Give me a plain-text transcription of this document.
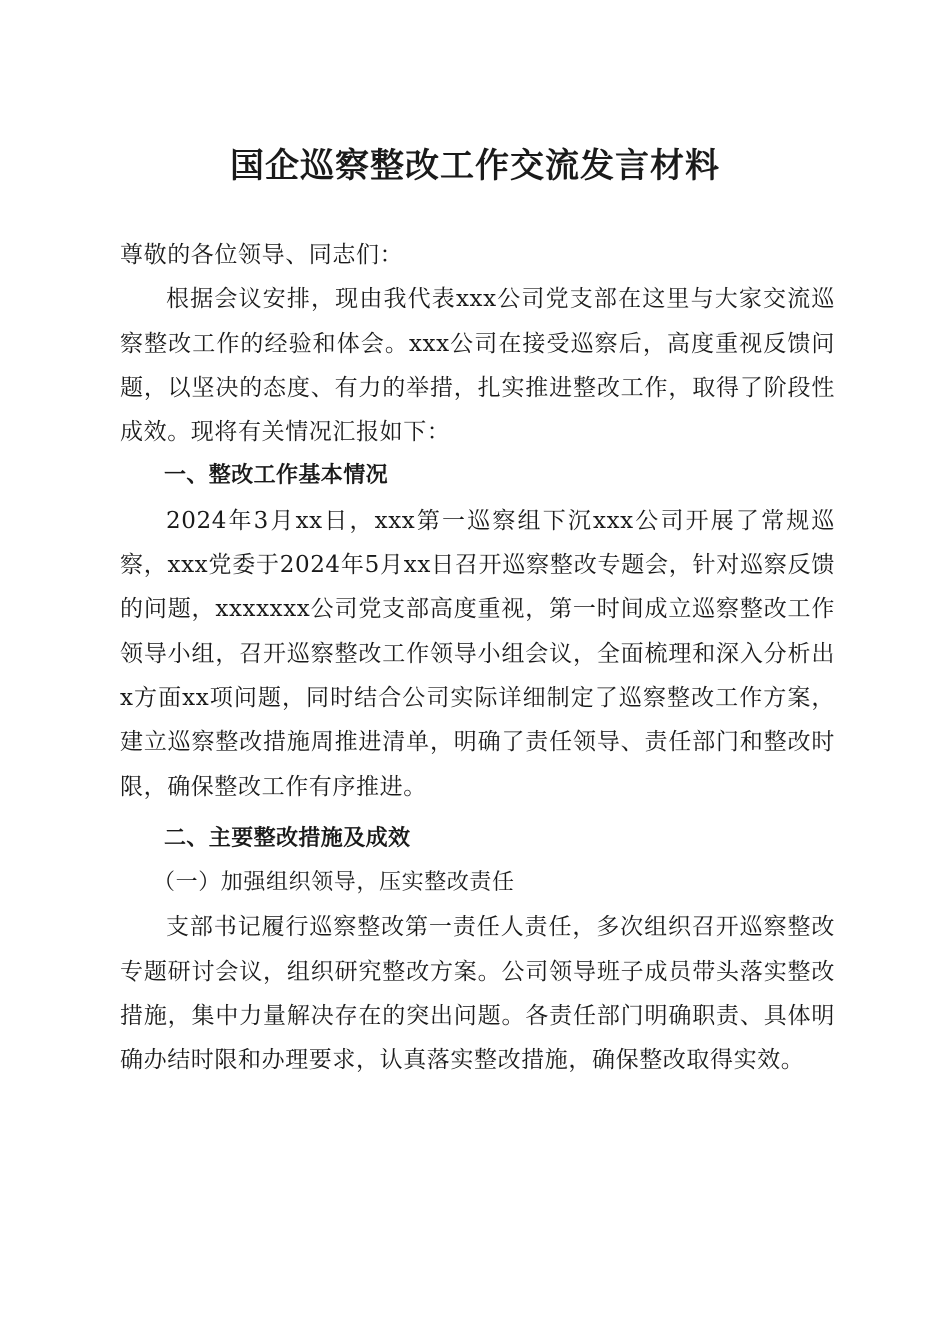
国企巡察整改工作交流发言材料

尊敬的各位领导、同志们：

根据会议安排，现由我代表xxx公司党支部在这里与大家交流巡察整改工作的经验和体会。xxx公司在接受巡察后，高度重视反馈问题，以坚决的态度、有力的举措，扎实推进整改工作，取得了阶段性成效。现将有关情况汇报如下：

一、整改工作基本情况

2024年3月xx日，xxx第一巡察组下沉xxx公司开展了常规巡察，xxx党委于2024年5月xx日召开巡察整改专题会，针对巡察反馈的问题，xxxxxxx公司党支部高度重视，第一时间成立巡察整改工作领导小组，召开巡察整改工作领导小组会议，全面梳理和深入分析出x方面xx项问题，同时结合公司实际详细制定了巡察整改工作方案，建立巡察整改措施周推进清单，明确了责任领导、责任部门和整改时限，确保整改工作有序推进。

二、主要整改措施及成效

（一）加强组织领导，压实整改责任

支部书记履行巡察整改第一责任人责任，多次组织召开巡察整改专题研讨会议，组织研究整改方案。公司领导班子成员带头落实整改措施，集中力量解决存在的突出问题。各责任部门明确职责、具体明确办结时限和办理要求，认真落实整改措施，确保整改取得实效。
